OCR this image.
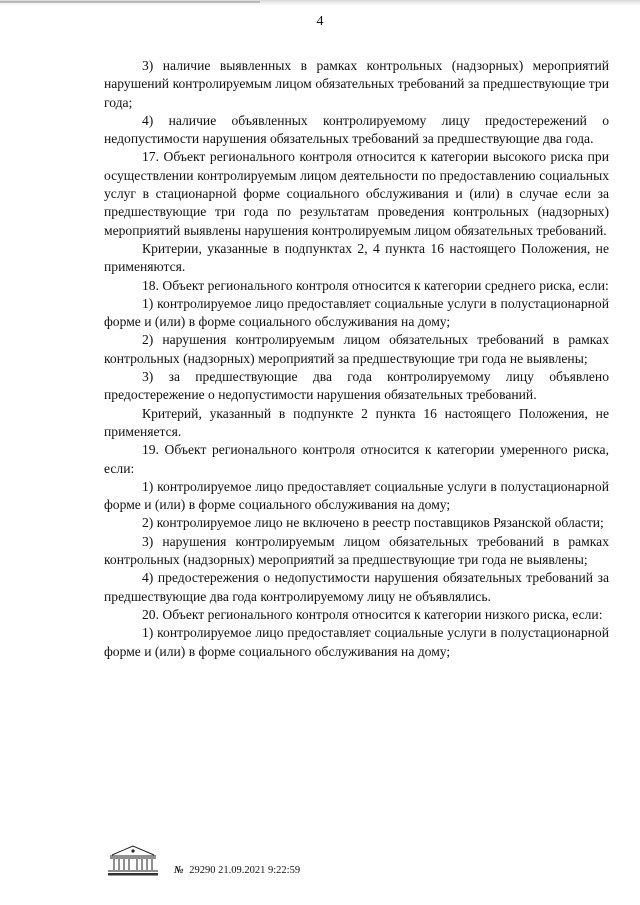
4

3) наличие выявленных в рамках контрольных (надзорных) мероприятий нарушений контролируемым лицом обязательных требований за предшествующие три года;

4) наличие объявленных контролируемому лицу предостережений о недопустимости нарушения обязательных требований за предшествующие два года.

17. Объект регионального контроля относится к категории высокого риска при осуществлении контролируемым лицом деятельности по предоставлению социальных услуг в стационарной форме социального обслуживания и (или) в случае если за предшествующие три года по результатам проведения контрольных (надзорных) мероприятий выявлены нарушения контролируемым лицом обязательных требований.

Критерии, указанные в подпунктах 2, 4 пункта 16 настоящего Положения, не применяются.

18. Объект регионального контроля относится к категории среднего риска, если:

1) контролируемое лицо предоставляет социальные услуги в полустационарной форме и (или) в форме социального обслуживания на дому;

2) нарушения контролируемым лицом обязательных требований в рамках контрольных (надзорных) мероприятий за предшествующие три года не выявлены;

3) за предшествующие два года контролируемому лицу объявлено предостережение о недопустимости нарушения обязательных требований.

Критерий, указанный в подпункте 2 пункта 16 настоящего Положения, не применяется.

19. Объект регионального контроля относится к категории умеренного риска, если:

1) контролируемое лицо предоставляет социальные услуги в полустационарной форме и (или) в форме социального обслуживания на дому;

2) контролируемое лицо не включено в реестр поставщиков Рязанской области;

3) нарушения контролируемым лицом обязательных требований в рамках контрольных (надзорных) мероприятий за предшествующие три года не выявлены;

4) предостережения о недопустимости нарушения обязательных требований за предшествующие два года контролируемому лицу не объявлялись.

20. Объект регионального контроля относится к категории низкого риска, если:

1) контролируемое лицо предоставляет социальные услуги в полустационарной форме и (или) в форме социального обслуживания на дому;

№ 29290 21.09.2021 9:22:59
